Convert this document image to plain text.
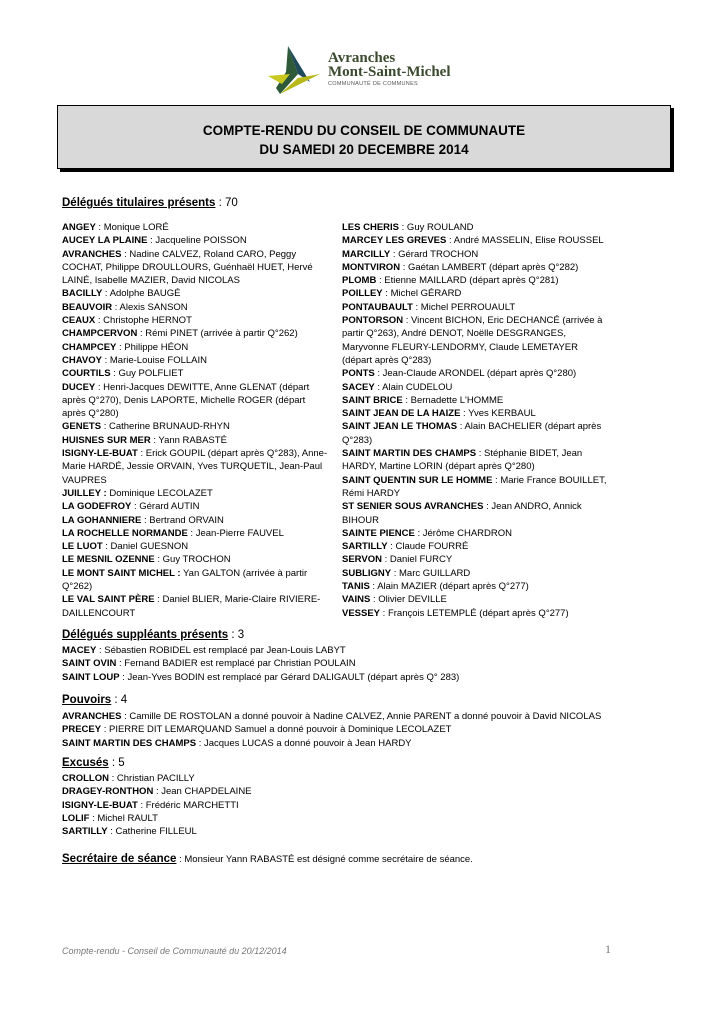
Avranches
Mont-Saint-Michel
COMMUNAUTÉ DE COMMUNES
COMPTE-RENDU DU CONSEIL DE COMMUNAUTE
DU SAMEDI 20 DECEMBRE 2014
Délégués titulaires présents : 70

ANGEY : Monique LORÉ

AUCEY LA PLAINE : Jacqueline POISSON

AVRANCHES : Nadine CALVEZ, Roland CARO, Peggy COCHAT, Philippe DROULLOURS, Guénhaël HUET, Hervé LAINÉ, Isabelle MAZIER, David NICOLAS

BACILLY : Adolphe BAUGÉ

BEAUVOIR : Alexis SANSON

CEAUX : Christophe HERNOT

CHAMPCERVON : Rémi PINET (arrivée à partir Q°262)

CHAMPCEY : Philippe HÉON

CHAVOY : Marie-Louise FOLLAIN

COURTILS : Guy POLFLIET

DUCEY : Henri-Jacques DEWITTE, Anne GLENAT (départ après Q°270), Denis LAPORTE, Michelle ROGER (départ après Q°280)

GENETS : Catherine BRUNAUD-RHYN

HUISNES SUR MER : Yann RABASTÉ

ISIGNY-LE-BUAT : Erick GOUPIL (départ après Q°283), Anne-Marie HARDÉ, Jessie ORVAIN, Yves TURQUETIL, Jean-Paul VAUPRES

JUILLEY : Dominique LECOLAZET

LA GODEFROY : Gérard AUTIN

LA GOHANNIERE : Bertrand ORVAIN

LA ROCHELLE NORMANDE : Jean-Pierre FAUVEL

LE LUOT : Daniel GUESNON

LE MESNIL OZENNE : Guy TROCHON

LE MONT SAINT MICHEL : Yan GALTON (arrivée à partir Q°262)

LE VAL SAINT PÈRE : Daniel BLIER, Marie-Claire RIVIERE-DAILLENCOURT

LES CHERIS : Guy ROULAND

MARCEY LES GREVES : André MASSELIN, Elise ROUSSEL

MARCILLY : Gérard TROCHON

MONTVIRON : Gaétan LAMBERT (départ après Q°282)

PLOMB : Etienne MAILLARD (départ après Q°281)

POILLEY : Michel GÉRARD

PONTAUBAULT : Michel PERROUAULT

PONTORSON : Vincent BICHON, Eric DECHANCÉ (arrivée à partir Q°263), André DENOT, Noëlle DESGRANGES, Maryvonne FLEURY-LENDORMY, Claude LEMETAYER (départ après Q°283)

PONTS : Jean-Claude ARONDEL (départ après Q°280)

SACEY : Alain CUDELOU

SAINT BRICE : Bernadette L'HOMME

SAINT JEAN DE LA HAIZE : Yves KERBAUL

SAINT JEAN LE THOMAS : Alain BACHELIER (départ après Q°283)

SAINT MARTIN DES CHAMPS : Stéphanie BIDET, Jean HARDY, Martine LORIN (départ après Q°280)

SAINT QUENTIN SUR LE HOMME : Marie France BOUILLET, Rémi HARDY

ST SENIER SOUS AVRANCHES : Jean ANDRO, Annick BIHOUR

SAINTE PIENCE : Jérôme CHARDRON

SARTILLY : Claude FOURRÉ

SERVON : Daniel FURCY

SUBLIGNY : Marc GUILLARD

TANIS : Alain MAZIER (départ après Q°277)

VAINS : Olivier DEVILLE

VESSEY : François LETEMPLÉ (départ après Q°277)

Délégués suppléants présents : 3

MACEY : Sébastien ROBIDEL est remplacé par Jean-Louis LABYT

SAINT OVIN : Fernand BADIER est remplacé par Christian POULAIN

SAINT LOUP : Jean-Yves BODIN est remplacé par Gérard DALIGAULT (départ après Q° 283)

Pouvoirs : 4

AVRANCHES : Camille DE ROSTOLAN a donné pouvoir à Nadine CALVEZ, Annie PARENT a donné pouvoir à David NICOLAS

PRECEY : PIERRE DIT LEMARQUAND Samuel a donné pouvoir à Dominique LECOLAZET

SAINT MARTIN DES CHAMPS : Jacques LUCAS a donné pouvoir à Jean HARDY

Excusés : 5

CROLLON : Christian PACILLY

DRAGEY-RONTHON : Jean CHAPDELAINE

ISIGNY-LE-BUAT : Frédéric MARCHETTI

LOLIF : Michel RAULT

SARTILLY : Catherine FILLEUL

Secrétaire de séance : Monsieur Yann RABASTÉ est désigné comme secrétaire de séance.
Compte-rendu - Conseil de Communauté du 20/12/2014	1
